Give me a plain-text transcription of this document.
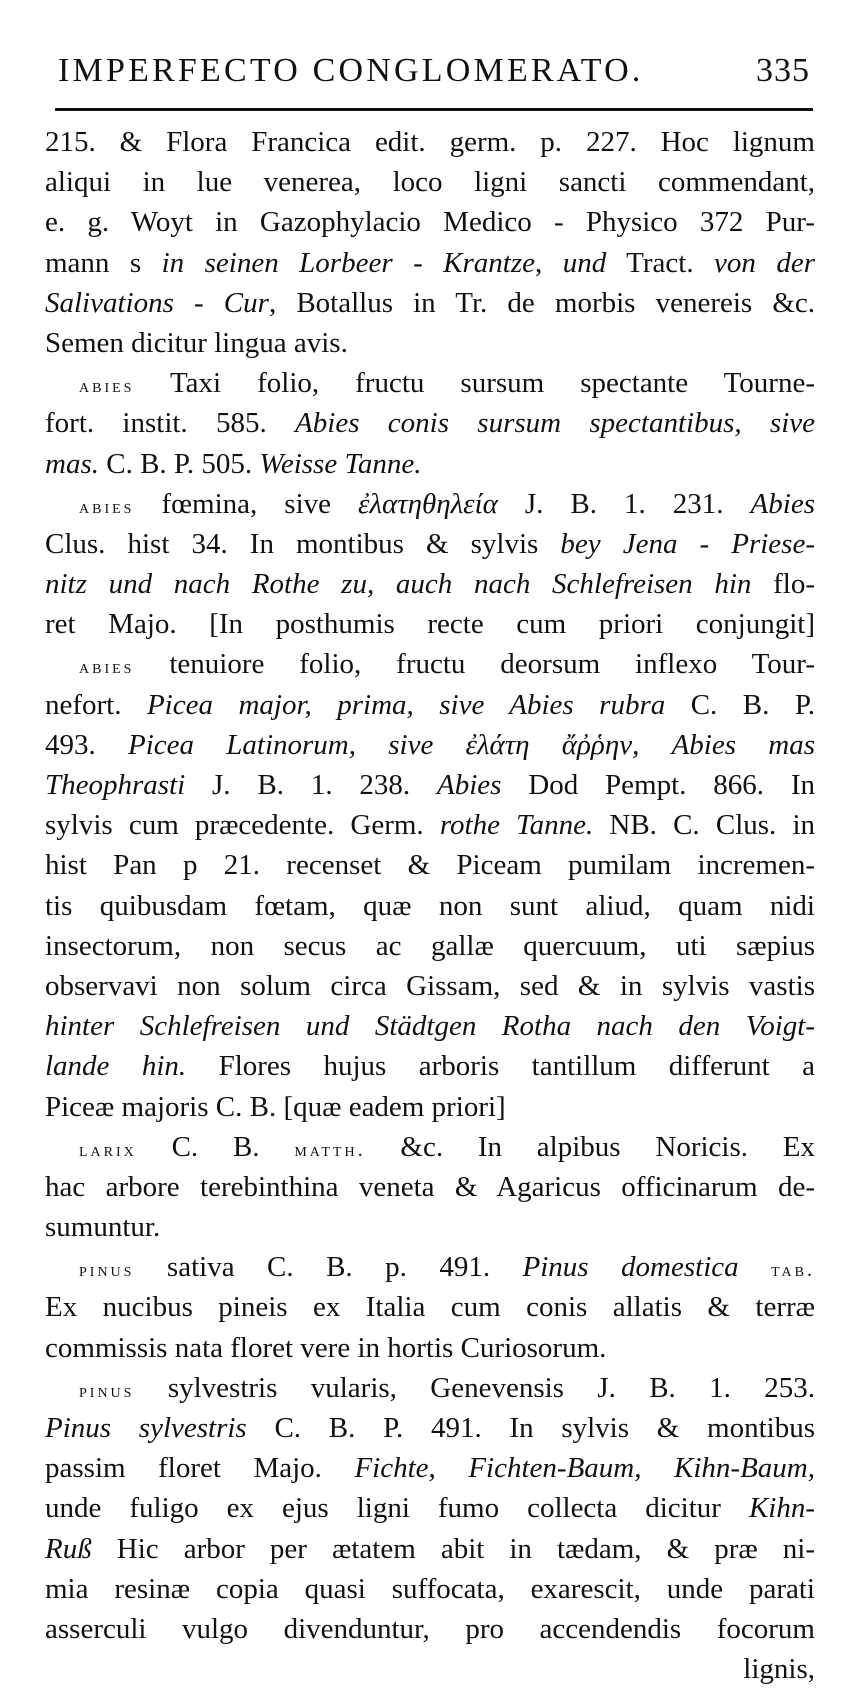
IMPERFECTO CONGLOMERATO.	335
215. & Flora Francica edit. germ. p. 227. Hoc lignum
aliqui in lue venerea, loco ligni sancti commendant,
e. g. Woyt in Gazophylacio Medico - Physico 372 Pur-
mann s in seinen Lorbeer - Krantze, und Tract. von der
Salivations - Cur, Botallus in Tr. de morbis venereis &c.
Semen dicitur lingua avis.
abies Taxi folio, fructu sursum spectante Tourne-
fort. instit. 585. Abies conis sursum spectantibus, sive
mas. C. B. P. 505. Weisse Tanne.
abies fœmina, sive ἐλατηθηλεία J. B. 1. 231. Abies
Clus. hist 34. In montibus & sylvis bey Jena - Priese-
nitz und nach Rothe zu, auch nach Schlefreisen hin flo-
ret Majo. [In posthumis recte cum priori conjungit]
abies tenuiore folio, fructu deorsum inflexo Tour-
nefort. Picea major, prima, sive Abies rubra C. B. P.
493. Picea Latinorum, sive ἐλάτη ἄῤῥην, Abies mas
Theophrasti J. B. 1. 238. Abies Dod Pempt. 866. In
sylvis cum præcedente. Germ. rothe Tanne. NB. C. Clus. in
hist Pan p 21. recenset & Piceam pumilam incremen-
tis quibusdam fœtam, quæ non sunt aliud, quam nidi
insectorum, non secus ac gallæ quercuum, uti sæpius
observavi non solum circa Gissam, sed & in sylvis vastis
hinter Schlefreisen und Städtgen Rotha nach den Voigt-
lande hin. Flores hujus arboris tantillum differunt a
Piceæ majoris C. B. [quæ eadem priori]
larix C. B. matth. &c. In alpibus Noricis. Ex
hac arbore terebinthina veneta & Agaricus officinarum de-
sumuntur.
pinus sativa C. B. p. 491. Pinus domestica tab.
Ex nucibus pineis ex Italia cum conis allatis & terræ
commissis nata floret vere in hortis Curiosorum.
pinus sylvestris vularis, Genevensis J. B. 1. 253.
Pinus sylvestris C. B. P. 491. In sylvis & montibus
passim floret Majo. Fichte, Fichten-Baum, Kihn-Baum,
unde fuligo ex ejus ligni fumo collecta dicitur Kihn-
Ruß Hic arbor per ætatem abit in tædam, & præ ni-
mia resinæ copia quasi suffocata, exarescit, unde parati
asserculi vulgo divenduntur, pro accendendis focorum
lignis,
